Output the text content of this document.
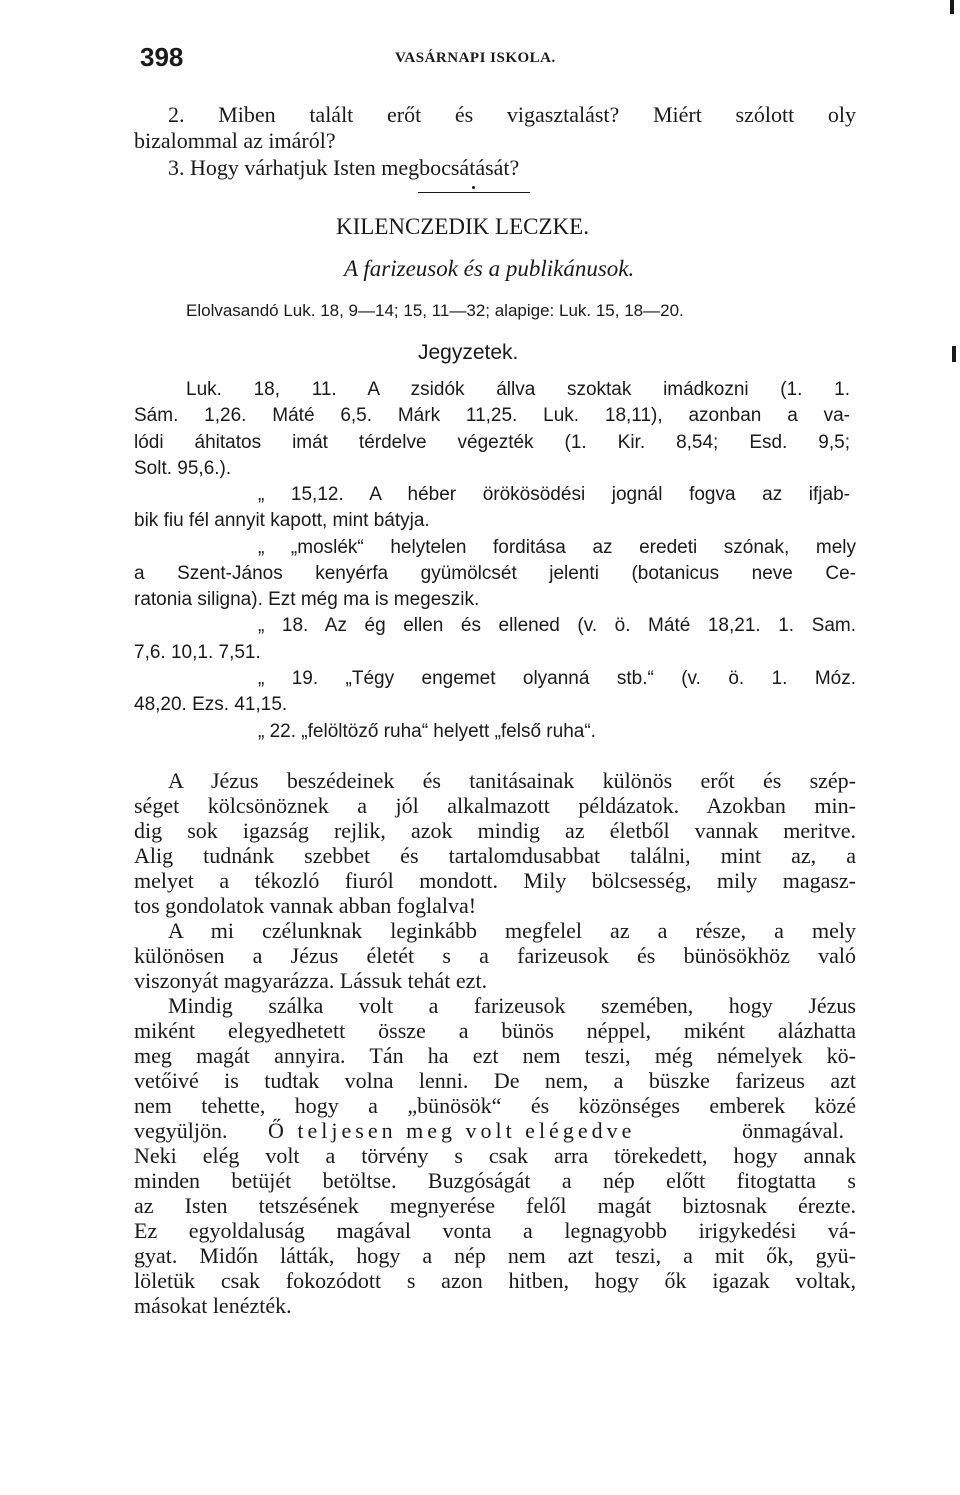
398	VASÁRNAPI ISKOLA.
2. Miben talált erőt és vigasztalást? Miért szólott oly
bizalommal az imáról?
3. Hogy várhatjuk Isten megbocsátását?
KILENCZEDIK LECZKE.
A farizeusok és a publikánusok.
Elolvasandó Luk. 18, 9—14; 15, 11—32; alapige: Luk. 15, 18—20.
Jegyzetek.
Luk. 18, 11. A zsidók állva szoktak imádkozni (1. 1.
Sám. 1,26. Máté 6,5. Márk 11,25. Luk. 18,11), azonban a va-
lódi áhitatos imát térdelve végezték (1. Kir. 8,54; Esd. 9,5;
Solt. 95,6.).
„ 15,12. A héber örökösödési jognál fogva az ifjab-
bik fiu fél annyit kapott, mint bátyja.
„ „moslék“ helytelen forditása az eredeti szónak, mely
a Szent-János kenyérfa gyümölcsét jelenti (botanicus neve Ce-
ratonia siligna). Ezt még ma is megeszik.
„ 18. Az ég ellen és ellened (v. ö. Máté 18,21. 1. Sam.
7,6. 10,1. 7,51.
„ 19. „Tégy engemet olyanná stb.“ (v. ö. 1. Móz.
48,20. Ezs. 41,15.
„ 22. „felöltöző ruha“ helyett „felső ruha“.
A Jézus beszédeinek és tanitásainak különös erőt és szép-
séget kölcsönöznek a jól alkalmazott példázatok. Azokban min-
dig sok igazság rejlik, azok mindig az életből vannak meritve.
Alig tudnánk szebbet és tartalomdusabbat találni, mint az, a
melyet a tékozló fiuról mondott. Mily bölcsesség, mily magasz-
tos gondolatok vannak abban foglalva!
A mi czélunknak leginkább megfelel az a része, a mely
különösen a Jézus életét s a farizeusok és bünösökhöz való
viszonyát magyarázza. Lássuk tehát ezt.
Mindig szálka volt a farizeusok szemében, hogy Jézus
miként elegyedhetett össze a bünös néppel, miként alázhatta
meg magát annyira. Tán ha ezt nem teszi, még némelyek kö-
vetőivé is tudtak volna lenni. De nem, a büszke farizeus azt
nem tehette, hogy a „bünösök“ és közönséges emberek közé
vegyüljön. Ő teljesen meg volt elégedve	önmagával.
Neki elég volt a törvény s csak arra törekedett, hogy annak
minden betüjét betöltse. Buzgóságát a nép előtt fitogtatta s
az Isten tetszésének megnyerése felől magát biztosnak érezte.
Ez egyoldaluság magával vonta a legnagyobb irigykedési vá-
gyat. Midőn látták, hogy a nép nem azt teszi, a mit ők, gyü-
löletük csak fokozódott s azon hitben, hogy ők igazak voltak,
másokat lenézték.
